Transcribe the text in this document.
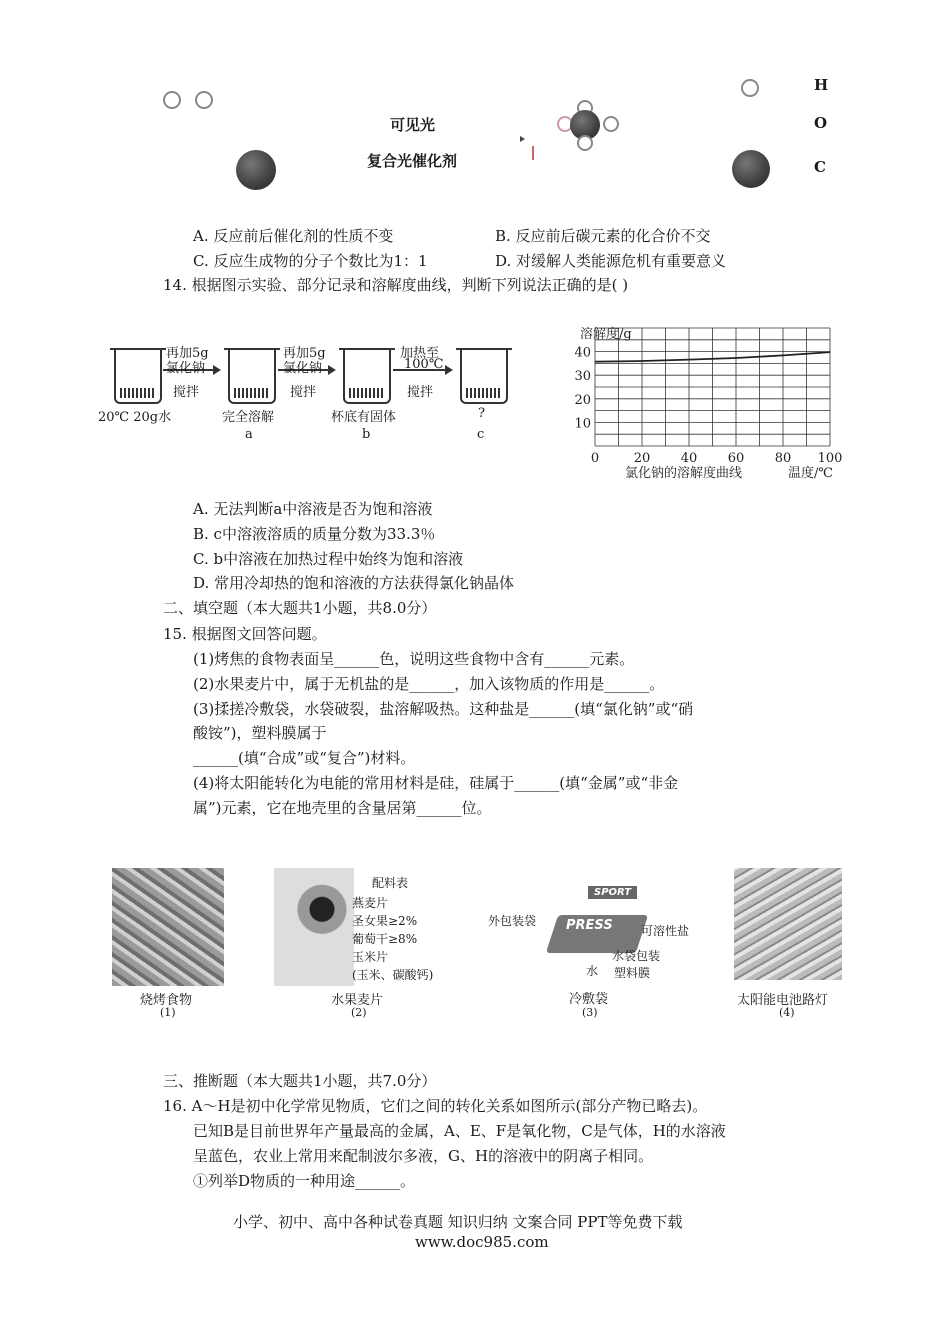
可见光
复合光催化剂
H
O
C
A. 反应前后催化剂的性质不变	B. 反应前后碳元素的化合价不交
C. 反应生成物的分子个数比为1：1	D. 对缓解人类能源危机有重要意义
14. 根据图示实验、部分记录和溶解度曲线，判断下列说法正确的是( )
再加5g
氯化钠
搅拌
再加5g
氯化钠
搅拌
加热至
100℃
搅拌
20℃ 20g水	完全溶解
a
杯底有固体
b
?
c
0	20 40 60 80 100
10
20
30
40
溶解度/g
氯化钠的溶解度曲线	温度/℃
A. 无法判断a中溶液是否为饱和溶液
B. c中溶液溶质的质量分数为33.3％
C. b中溶液在加热过程中始终为饱和溶液
D. 常用冷却热的饱和溶液的方法获得氯化钠晶体
二、填空题（本大题共1小题，共8.0分）
15. 根据图文回答问题。
(1)烤焦的食物表面呈______色，说明这些食物中含有______元素。
(2)水果麦片中，属于无机盐的是______，加入该物质的作用是______。
(3)揉搓冷敷袋，水袋破裂，盐溶解吸热。这种盐是______(填“氯化钠”或“硝
酸铵”)，塑料膜属于
______(填“合成”或“复合”)材料。
(4)将太阳能转化为电能的常用材料是硅，硅属于______(填“金属”或“非金
属”)元素，它在地壳里的含量居第______位。
烧烤食物
(1)
配料表
燕麦片
圣女果≥2%
葡萄干≥8%
玉米片
(玉米、碳酸钙)
水果麦片
(2)
SPORT
PRESS
外包装袋
可溶性盐
水袋包装
塑料膜
水
冷敷袋
(3)
太阳能电池路灯
(4)
三、推断题（本大题共1小题，共7.0分）
16. A～H是初中化学常见物质，它们之间的转化关系如图所示(部分产物已略去)。
已知B是目前世界年产量最高的金属，A、E、F是氧化物，C是气体，H的水溶液
呈蓝色，农业上常用来配制波尔多液，G、H的溶液中的阴离子相同。
①列举D物质的一种用途______。
小学、初中、高中各种试卷真题 知识归纳 文案合同 PPT等免费下载
www.doc985.com
